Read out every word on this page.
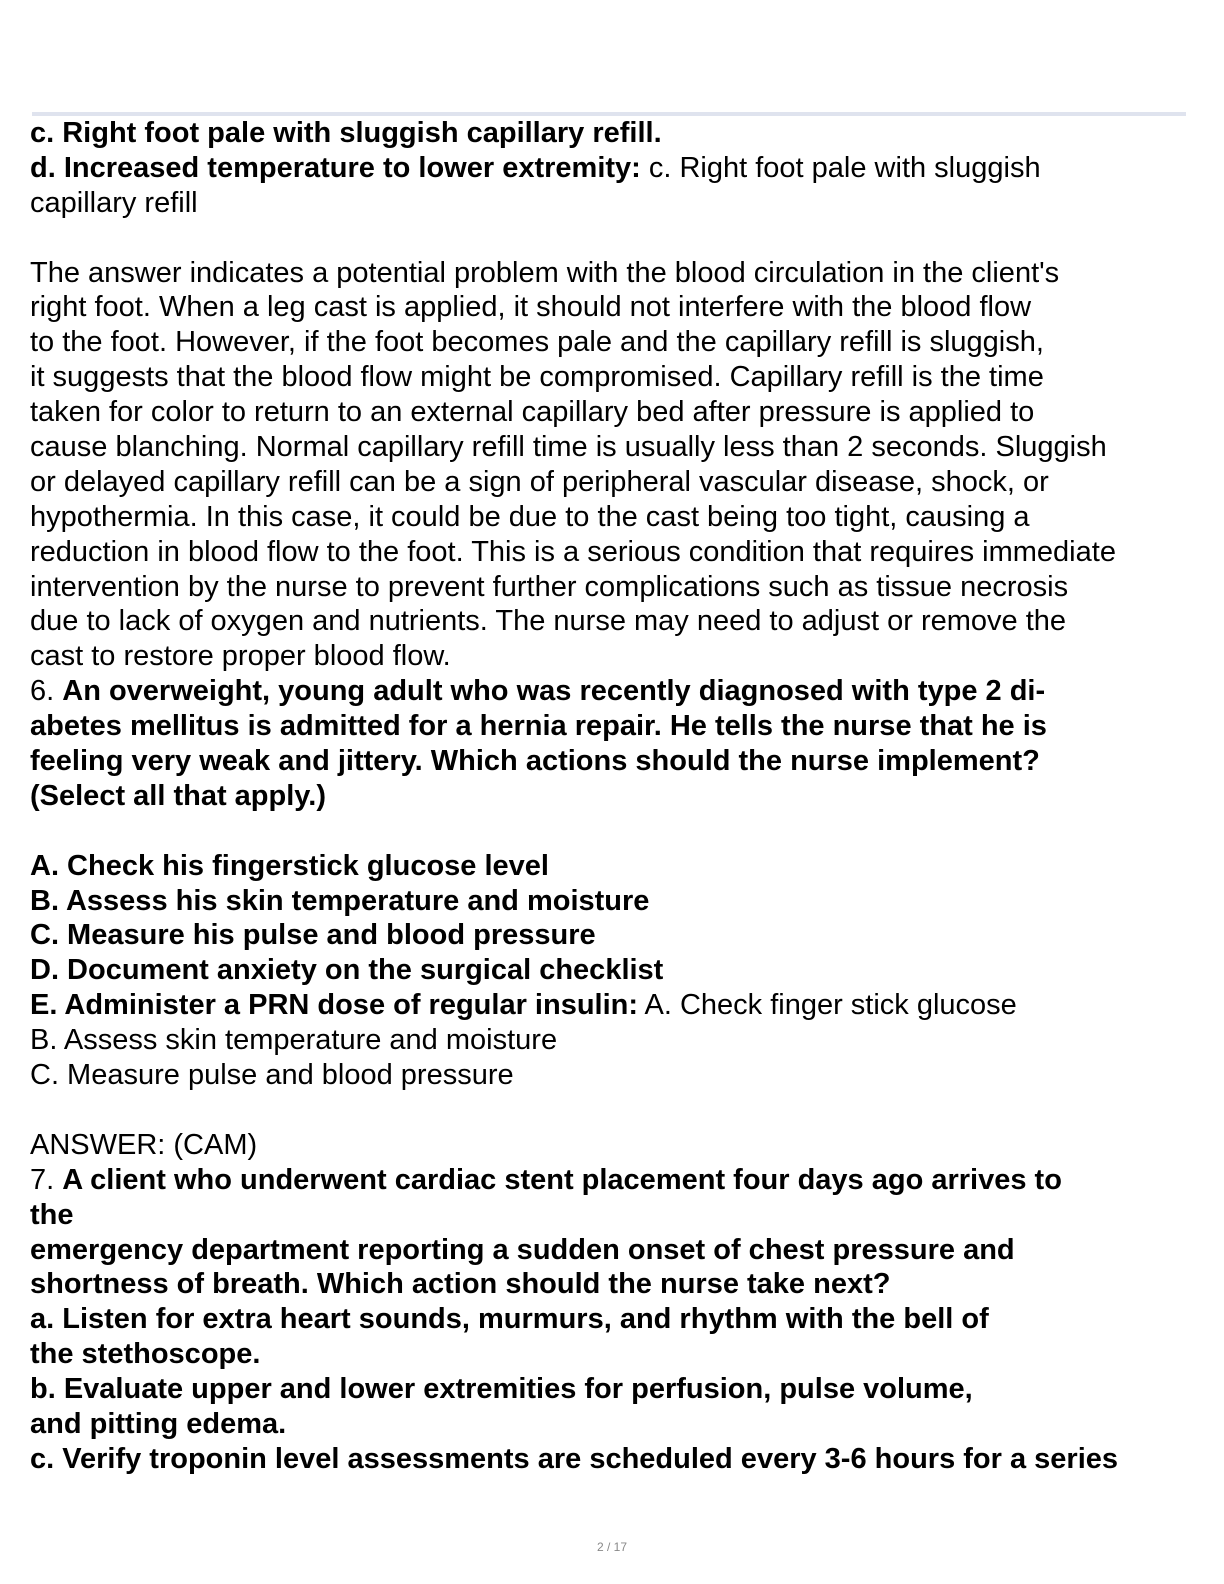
c. Right foot pale with sluggish capillary refill.
d. Increased temperature to lower extremity: c. Right foot pale with sluggish
capillary refill
The answer indicates a potential problem with the blood circulation in the client's
right foot. When a leg cast is applied, it should not interfere with the blood flow
to the foot. However, if the foot becomes pale and the capillary refill is sluggish,
it suggests that the blood flow might be compromised. Capillary refill is the time
taken for color to return to an external capillary bed after pressure is applied to
cause blanching. Normal capillary refill time is usually less than 2 seconds. Sluggish
or delayed capillary refill can be a sign of peripheral vascular disease, shock, or
hypothermia. In this case, it could be due to the cast being too tight, causing a
reduction in blood flow to the foot. This is a serious condition that requires immediate
intervention by the nurse to prevent further complications such as tissue necrosis
due to lack of oxygen and nutrients. The nurse may need to adjust or remove the
cast to restore proper blood flow.
6. An overweight, young adult who was recently diagnosed with type 2 di-
abetes mellitus is admitted for a hernia repair. He tells the nurse that he is
feeling very weak and jittery. Which actions should the nurse implement?
(Select all that apply.)
A. Check his fingerstick glucose level
B. Assess his skin temperature and moisture
C. Measure his pulse and blood pressure
D. Document anxiety on the surgical checklist
E. Administer a PRN dose of regular insulin: A. Check finger stick glucose
B. Assess skin temperature and moisture
C. Measure pulse and blood pressure
ANSWER: (CAM)
7. A client who underwent cardiac stent placement four days ago arrives to
the
emergency department reporting a sudden onset of chest pressure and
shortness of breath. Which action should the nurse take next?
a. Listen for extra heart sounds, murmurs, and rhythm with the bell of
the stethoscope.
b. Evaluate upper and lower extremities for perfusion, pulse volume,
and pitting edema.
c. Verify troponin level assessments are scheduled every 3-6 hours for a series
2 / 17
